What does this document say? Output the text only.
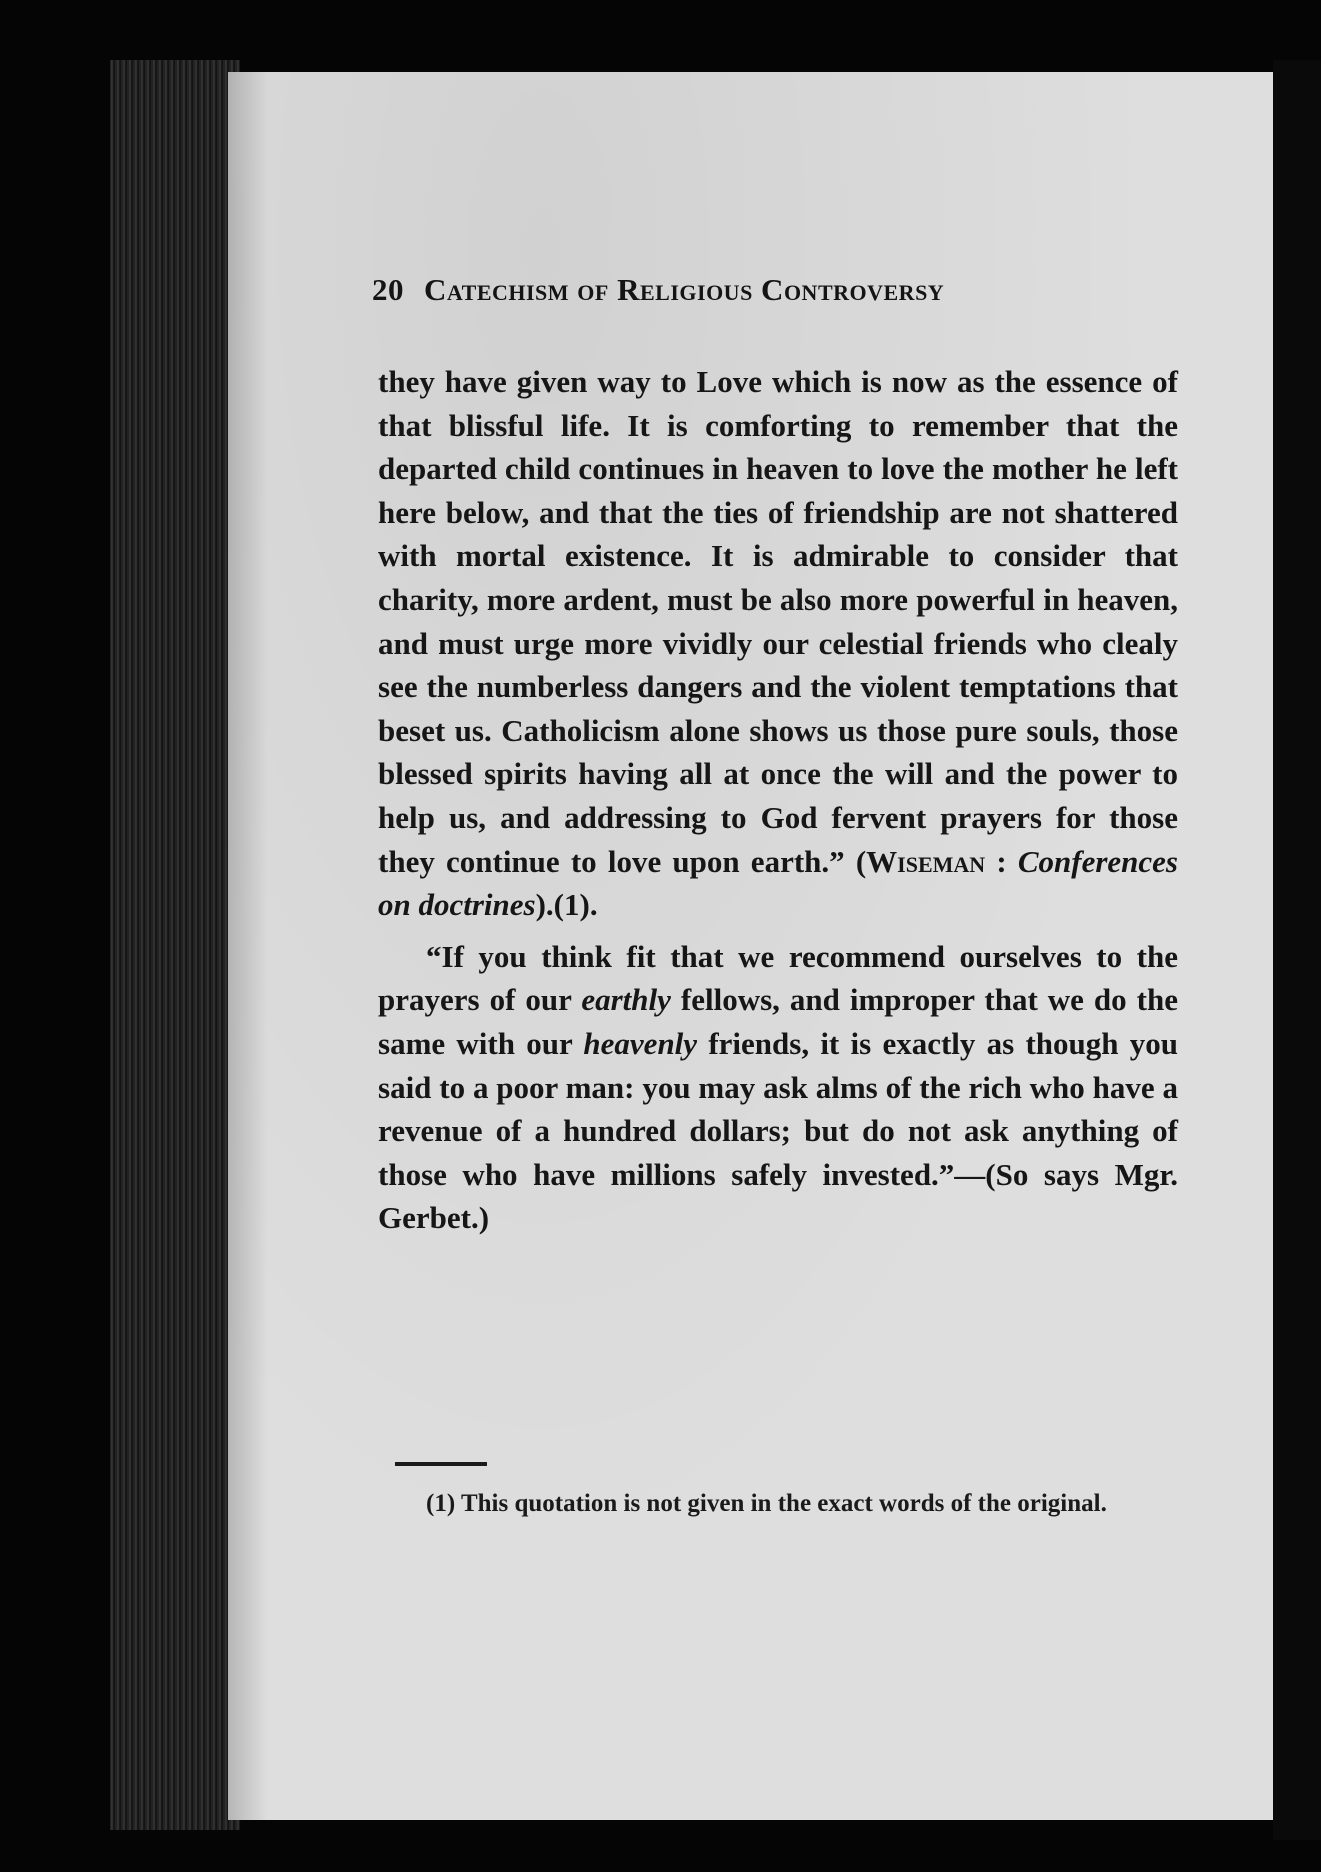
20 Catechism of Religious Controversy

they have given way to Love which is now as the essence of that blissful life. It is comforting to remember that the departed child continues in heaven to love the mother he left here below, and that the ties of friendship are not shattered with mortal existence. It is admirable to consider that charity, more ardent, must be also more powerful in heaven, and must urge more vividly our celestial friends who clealy see the numberless dangers and the violent temptations that beset us. Catholicism alone shows us those pure souls, those blessed spirits having all at once the will and the power to help us, and addressing to God fervent prayers for those they continue to love upon earth.” (Wiseman : Conferences on doctrines).(1).

“If you think fit that we recommend ourselves to the prayers of our earthly fellows, and improper that we do the same with our heavenly friends, it is exactly as though you said to a poor man: you may ask alms of the rich who have a revenue of a hundred dollars; but do not ask anything of those who have millions safely invested.”—(So says Mgr. Gerbet.)

(1) This quotation is not given in the exact words of the original.
